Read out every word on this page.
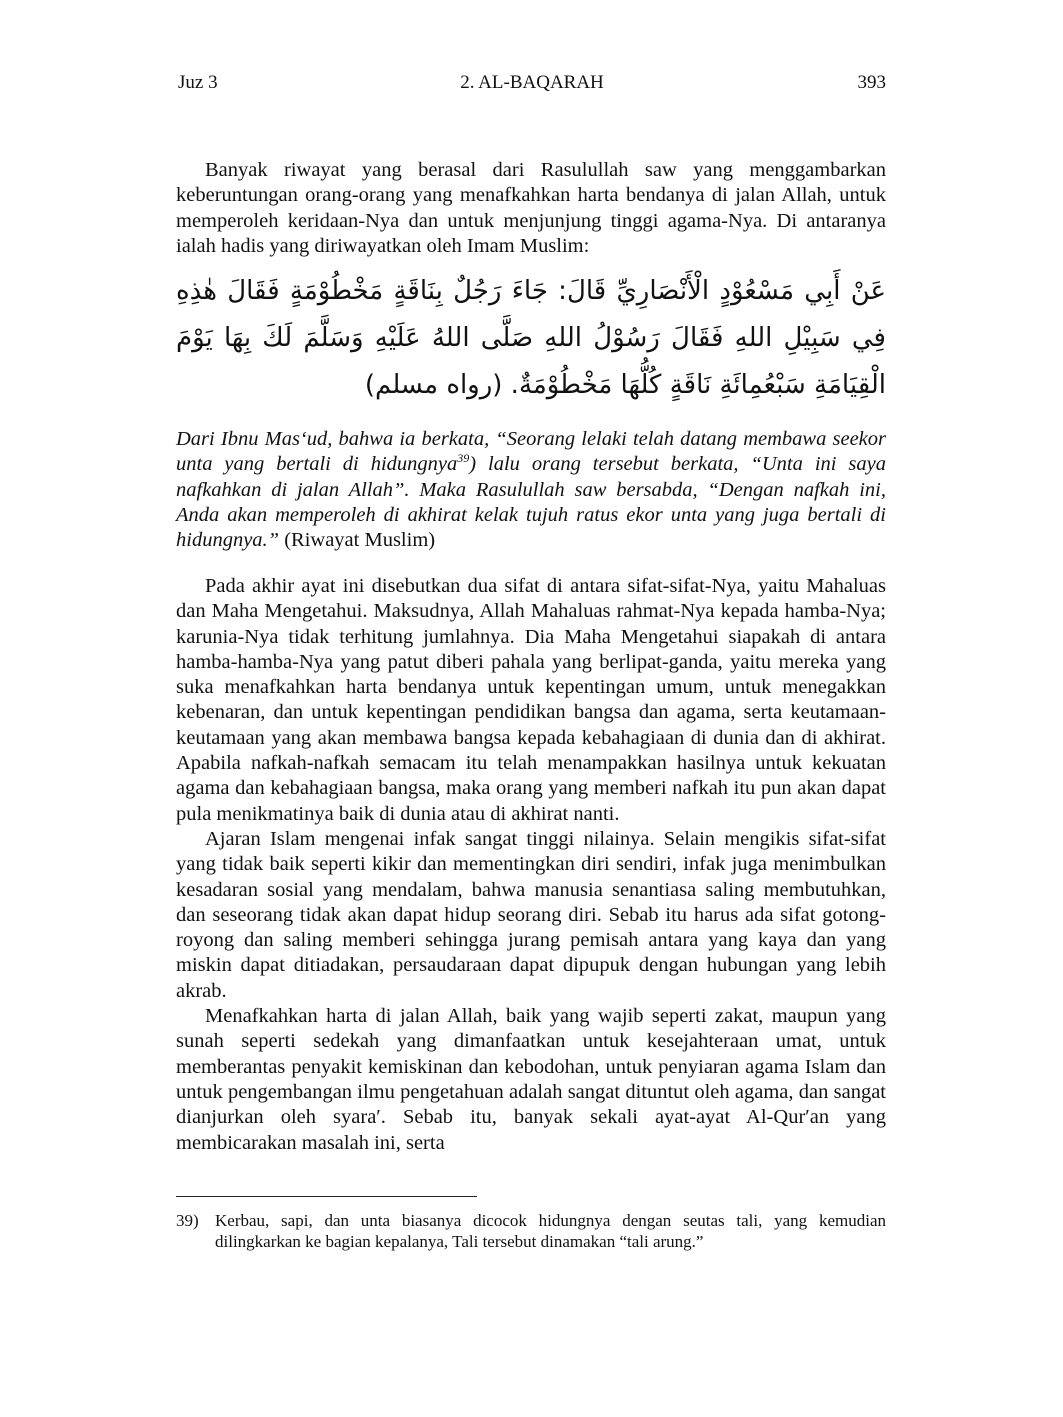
Juz 3	2. AL-BAQARAH	393

Banyak riwayat yang berasal dari Rasulullah saw yang menggambarkan keberuntungan orang-orang yang menafkahkan harta bendanya di jalan Allah, untuk memperoleh keridaan-Nya dan untuk menjunjung tinggi agama-Nya. Di antaranya ialah hadis yang diriwayatkan oleh Imam Muslim:

عَنْ أَبِي مَسْعُوْدٍ الْأَنْصَارِيِّ قَالَ: جَاءَ رَجُلٌ بِنَاقَةٍ مَخْطُوْمَةٍ فَقَالَ هٰذِهِ فِي سَبِيْلِ اللهِ فَقَالَ رَسُوْلُ اللهِ صَلَّى اللهُ عَلَيْهِ وَسَلَّمَ لَكَ بِهَا يَوْمَ الْقِيَامَةِ سَبْعُمِائَةِ نَاقَةٍ كُلُّهَا مَخْطُوْمَةٌ. (رواه مسلم)
Dari Ibnu Mas‘ud, bahwa ia berkata, “Seorang lelaki telah datang membawa seekor unta yang bertali di hidungnya$^{39}$) lalu orang tersebut berkata, “Unta ini saya nafkahkan di jalan Allah”. Maka Rasulullah saw bersabda, “Dengan nafkah ini, Anda akan memperoleh di akhirat kelak tujuh ratus ekor unta yang juga bertali di hidungnya.” (Riwayat Muslim)

Pada akhir ayat ini disebutkan dua sifat di antara sifat-sifat-Nya, yaitu Mahaluas dan Maha Mengetahui. Maksudnya, Allah Mahaluas rahmat-Nya kepada hamba-Nya; karunia-Nya tidak terhitung jumlahnya. Dia Maha Mengetahui siapakah di antara hamba-hamba-Nya yang patut diberi pahala yang berlipat-ganda, yaitu mereka yang suka menafkahkan harta bendanya untuk kepentingan umum, untuk menegakkan kebenaran, dan untuk kepentingan pendidikan bangsa dan agama, serta keutamaan-keutamaan yang akan membawa bangsa kepada kebahagiaan di dunia dan di akhirat. Apabila nafkah-nafkah semacam itu telah menampakkan hasilnya untuk kekuatan agama dan kebahagiaan bangsa, maka orang yang memberi nafkah itu pun akan dapat pula menikmatinya baik di dunia atau di akhirat nanti.

Ajaran Islam mengenai infak sangat tinggi nilainya. Selain mengikis sifat-sifat yang tidak baik seperti kikir dan mementingkan diri sendiri, infak juga menimbulkan kesadaran sosial yang mendalam, bahwa manusia senantiasa saling membutuhkan, dan seseorang tidak akan dapat hidup seorang diri. Sebab itu harus ada sifat gotong-royong dan saling memberi sehingga jurang pemisah antara yang kaya dan yang miskin dapat ditiadakan, persaudaraan dapat dipupuk dengan hubungan yang lebih akrab.

Menafkahkan harta di jalan Allah, baik yang wajib seperti zakat, maupun yang sunah seperti sedekah yang dimanfaatkan untuk kesejahteraan umat, untuk memberantas penyakit kemiskinan dan kebodohan, untuk penyiaran agama Islam dan untuk pengembangan ilmu pengetahuan adalah sangat dituntut oleh agama, dan sangat dianjurkan oleh syara′. Sebab itu, banyak sekali ayat-ayat Al-Qur′an yang membicarakan masalah ini, serta

39) Kerbau, sapi, dan unta biasanya dicocok hidungnya dengan seutas tali, yang kemudian dilingkarkan ke bagian kepalanya, Tali tersebut dinamakan “tali arung.”
